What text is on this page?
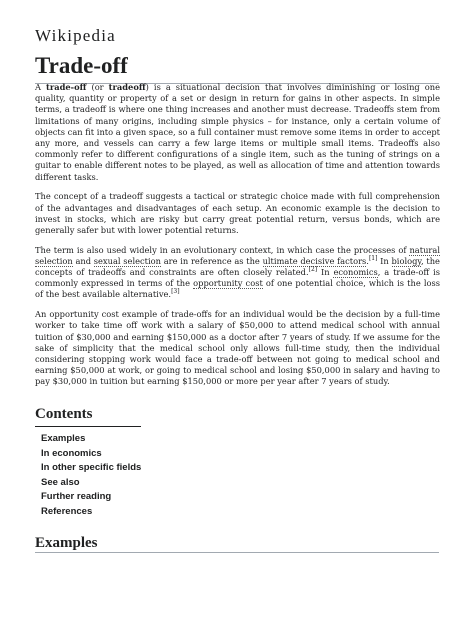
Wikipedia
Trade-off

A trade-off (or tradeoff) is a situational decision that involves diminishing or losing one quality, quantity or property of a set or design in return for gains in other aspects. In simple terms, a tradeoff is where one thing increases and another must decrease. Tradeoffs stem from limitations of many origins, including simple physics – for instance, only a certain volume of objects can fit into a given space, so a full container must remove some items in order to accept any more, and vessels can carry a few large items or multiple small items. Tradeoffs also commonly refer to different configurations of a single item, such as the tuning of strings on a guitar to enable different notes to be played, as well as allocation of time and attention towards different tasks.

The concept of a tradeoff suggests a tactical or strategic choice made with full comprehension of the advantages and disadvantages of each setup. An economic example is the decision to invest in stocks, which are risky but carry great potential return, versus bonds, which are generally safer but with lower potential returns.

The term is also used widely in an evolutionary context, in which case the processes of natural selection and sexual selection are in reference as the ultimate decisive factors.[1] In biology, the concepts of tradeoffs and constraints are often closely related.[2] In economics, a trade-off is commonly expressed in terms of the opportunity cost of one potential choice, which is the loss of the best available alternative.[3]

An opportunity cost example of trade-offs for an individual would be the decision by a full-time worker to take time off work with a salary of $50,000 to attend medical school with annual tuition of $30,000 and earning $150,000 as a doctor after 7 years of study. If we assume for the sake of simplicity that the medical school only allows full-time study, then the individual considering stopping work would face a trade-off between not going to medical school and earning $50,000 at work, or going to medical school and losing $50,000 in salary and having to pay $30,000 in tuition but earning $150,000 or more per year after 7 years of study.

Contents
Examples
In economics
In other specific fields
See also
Further reading
References
Examples
